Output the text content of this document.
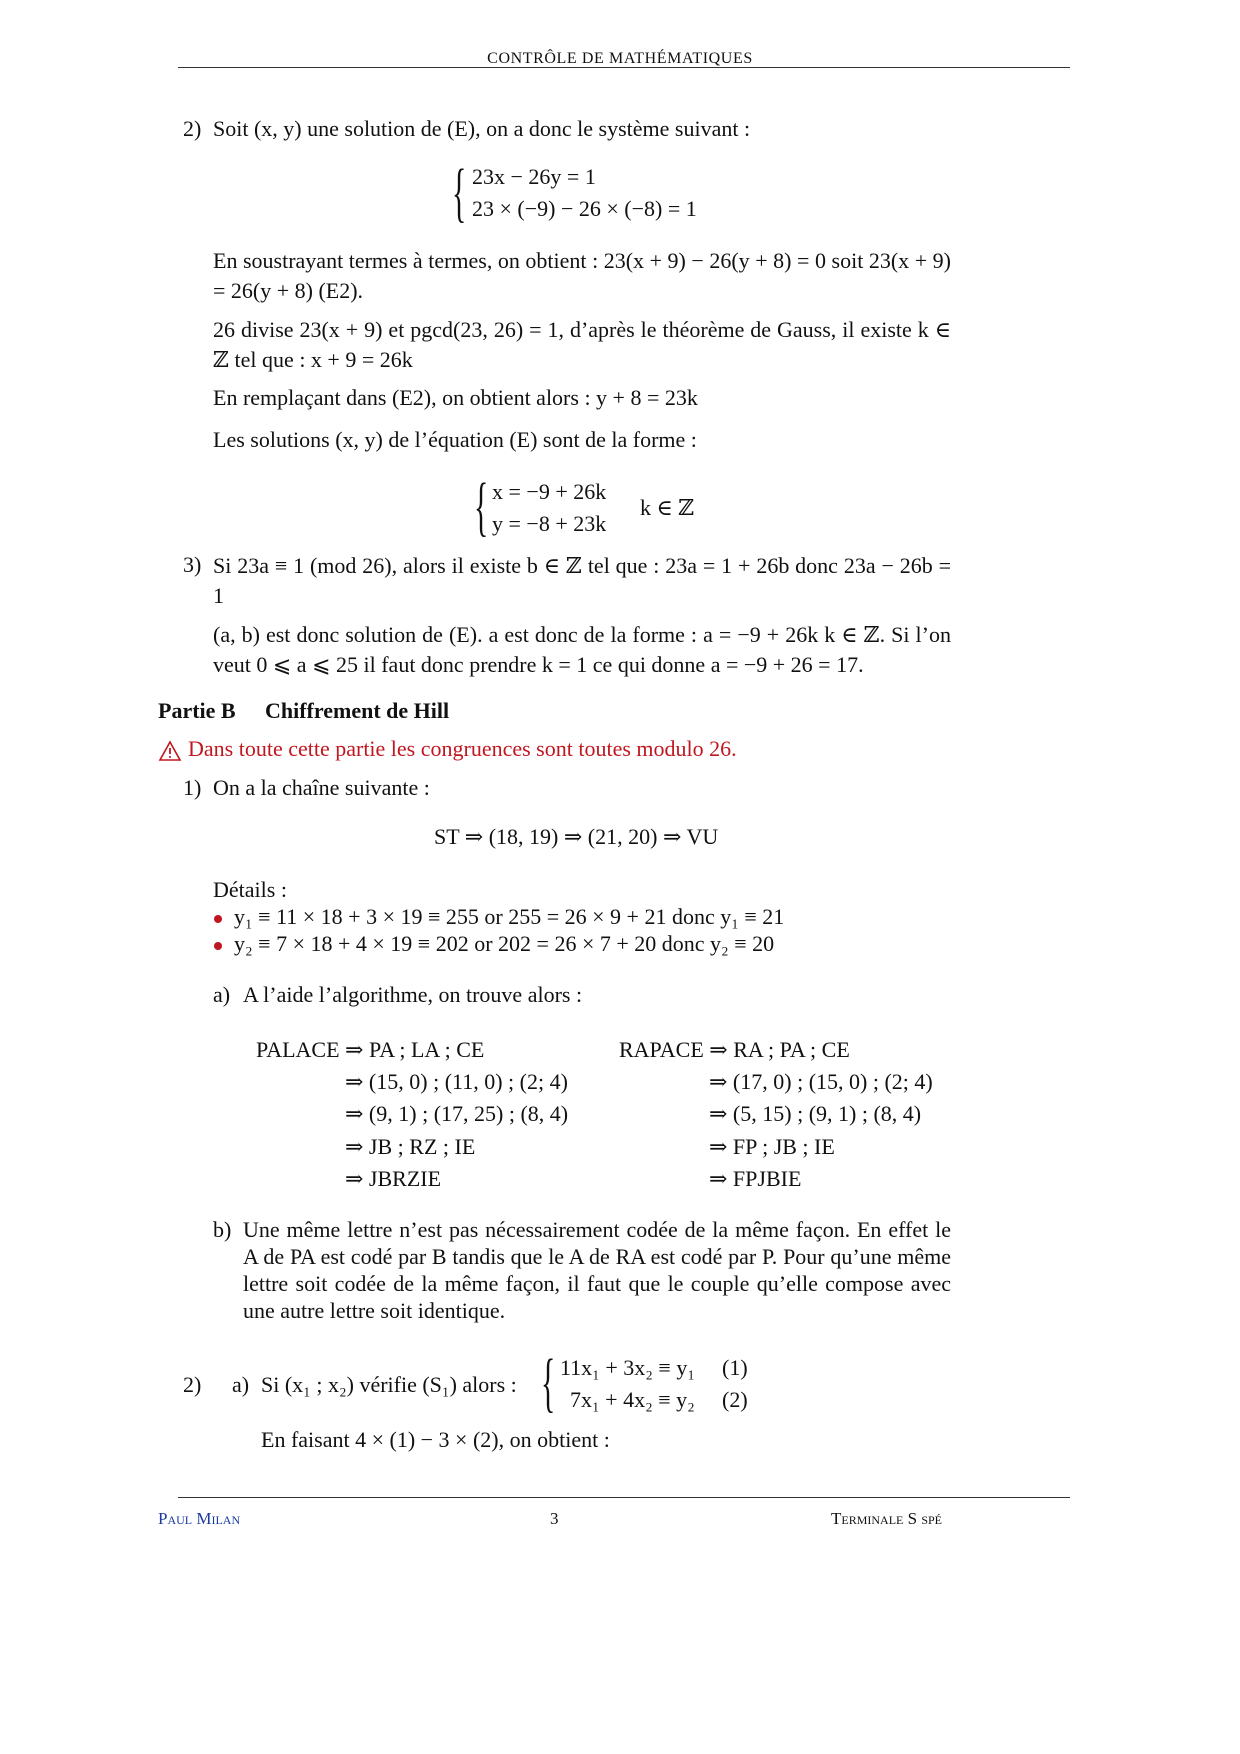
CONTRÔLE DE MATHÉMATIQUES
2) Soit (x, y) une solution de (E), on a donc le système suivant :
{ 23x − 26y = 1
23 × (−9) − 26 × (−8) = 1
En soustrayant termes à termes, on obtient : 23(x + 9) − 26(y + 8) = 0 soit 23(x + 9) = 26(y + 8) (E2).
26 divise 23(x + 9) et pgcd(23, 26) = 1, d’après le théorème de Gauss, il existe k ∈ ℤ tel que : x + 9 = 26k
En remplaçant dans (E2), on obtient alors : y + 8 = 23k
Les solutions (x, y) de l’équation (E) sont de la forme :
{ x = −9 + 26k
y = −8 + 23k
k ∈ ℤ
3) Si 23a ≡ 1 (mod 26), alors il existe b ∈ ℤ tel que : 23a = 1 + 26b donc 23a − 26b = 1
(a, b) est donc solution de (E). a est donc de la forme : a = −9 + 26k k ∈ ℤ. Si l’on veut 0 ⩽ a ⩽ 25 il faut donc prendre k = 1 ce qui donne a = −9 + 26 = 17.
Partie B Chiffrement de Hill
Dans toute cette partie les congruences sont toutes modulo 26.
1) On a la chaîne suivante :
ST ⇒ (18, 19) ⇒ (21, 20) ⇒ VU
Détails :
y₁ ≡ 11 × 18 + 3 × 19 ≡ 255 or 255 = 26 × 9 + 21 donc y₁ ≡ 21
y₂ ≡ 7 × 18 + 4 × 19 ≡ 202 or 202 = 26 × 7 + 20 donc y₂ ≡ 20
a) A l’aide l’algorithme, on trouve alors :
PALACE ⇒ PA ; LA ; CE
⇒ (15, 0) ; (11, 0) ; (2; 4)
⇒ (9, 1) ; (17, 25) ; (8, 4)
⇒ JB ; RZ ; IE
⇒ JBRZIE
RAPACE ⇒ RA ; PA ; CE
⇒ (17, 0) ; (15, 0) ; (2; 4)
⇒ (5, 15) ; (9, 1) ; (8, 4)
⇒ FP ; JB ; IE
⇒ FPJBIE
b) Une même lettre n’est pas nécessairement codée de la même façon. En effet le A de PA est codé par B tandis que le A de RA est codé par P. Pour qu’une même lettre soit codée de la même façon, il faut que le couple qu’elle compose avec une autre lettre soit identique.
2) a) Si (x₁ ; x₂) vérifie (S₁) alors : { 11x₁ + 3x₂ ≡ y₁ (1)
7x₁ + 4x₂ ≡ y₂ (2)
En faisant 4 × (1) − 3 × (2), on obtient :
Paul Milan	3	Terminale S spé
